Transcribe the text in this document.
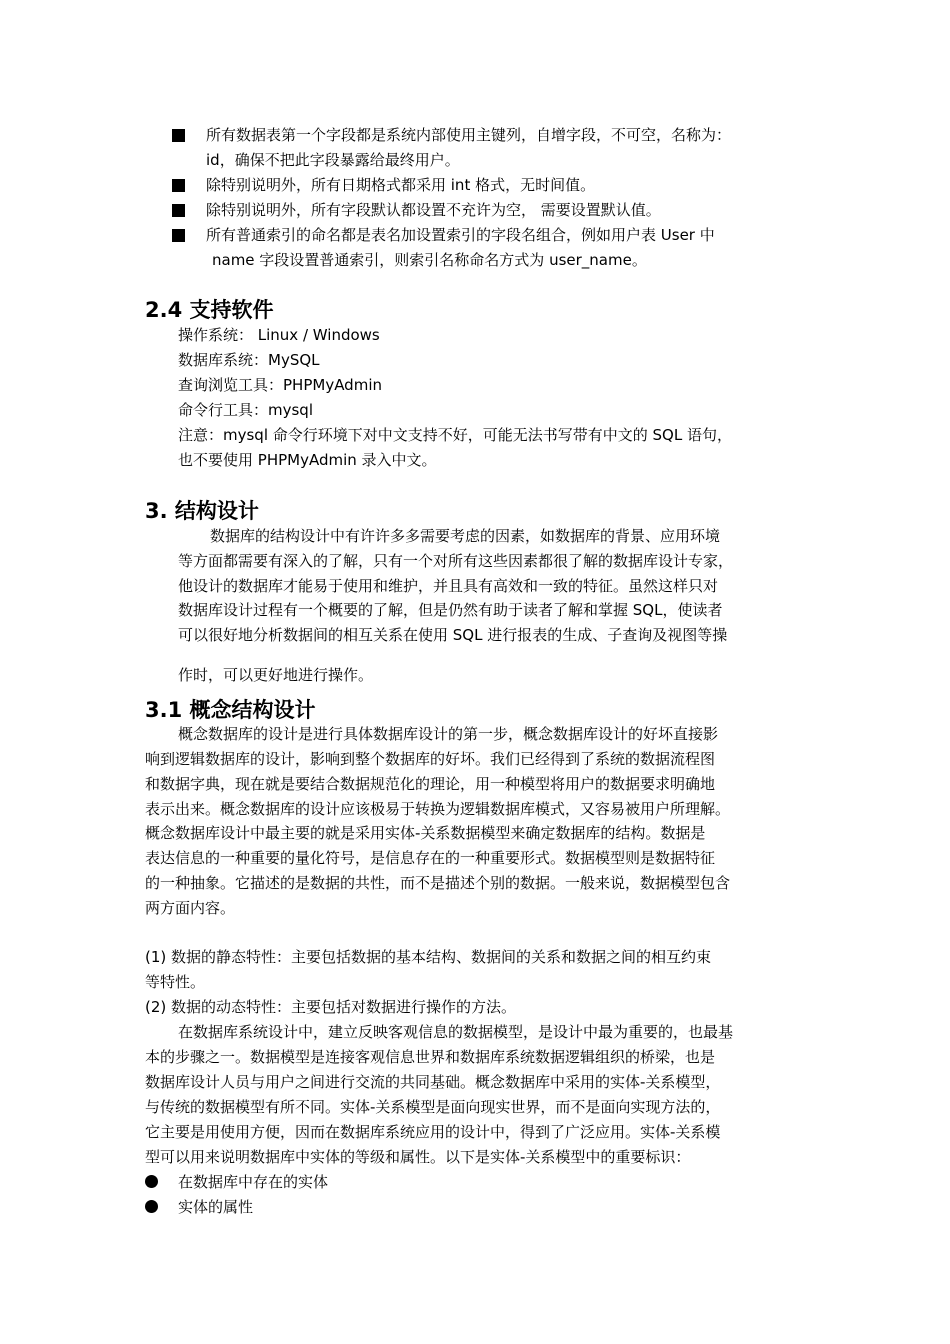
所有数据表第一个字段都是系统内部使用主键列，自增字段，不可空，名称为：
id，确保不把此字段暴露给最终用户。
除特别说明外，所有日期格式都采用 int 格式，无时间值。
除特别说明外，所有字段默认都设置不充许为空， 需要设置默认值。
所有普通索引的命名都是表名加设置索引的字段名组合，例如用户表 User 中
name 字段设置普通索引，则索引名称命名方式为 user_name。
2.4 支持软件
操作系统： Linux / Windows
数据库系统：MySQL
查询浏览工具：PHPMyAdmin
命令行工具：mysql
注意：mysql 命令行环境下对中文支持不好，可能无法书写带有中文的 SQL 语句，
也不要使用 PHPMyAdmin 录入中文。
3. 结构设计
数据库的结构设计中有许许多多需要考虑的因素，如数据库的背景、应用环境
等方面都需要有深入的了解，只有一个对所有这些因素都很了解的数据库设计专家，
他设计的数据库才能易于使用和维护，并且具有高效和一致的特征。虽然这样只对
数据库设计过程有一个概要的了解，但是仍然有助于读者了解和掌握 SQL，使读者
可以很好地分析数据间的相互关系在使用 SQL 进行报表的生成、子查询及视图等操
作时，可以更好地进行操作。
3.1 概念结构设计
概念数据库的设计是进行具体数据库设计的第一步，概念数据库设计的好坏直接影
响到逻辑数据库的设计，影响到整个数据库的好坏。我们已经得到了系统的数据流程图
和数据字典，现在就是要结合数据规范化的理论，用一种模型将用户的数据要求明确地
表示出来。概念数据库的设计应该极易于转换为逻辑数据库模式，又容易被用户所理解。
概念数据库设计中最主要的就是采用实体-关系数据模型来确定数据库的结构。数据是
表达信息的一种重要的量化符号，是信息存在的一种重要形式。数据模型则是数据特征
的一种抽象。它描述的是数据的共性，而不是描述个别的数据。一般来说，数据模型包含
两方面内容。
(1) 数据的静态特性：主要包括数据的基本结构、数据间的关系和数据之间的相互约束
等特性。
(2) 数据的动态特性：主要包括对数据进行操作的方法。
在数据库系统设计中，建立反映客观信息的数据模型，是设计中最为重要的，也最基
本的步骤之一。数据模型是连接客观信息世界和数据库系统数据逻辑组织的桥梁，也是
数据库设计人员与用户之间进行交流的共同基础。概念数据库中采用的实体-关系模型，
与传统的数据模型有所不同。实体-关系模型是面向现实世界，而不是面向实现方法的，
它主要是用使用方便，因而在数据库系统应用的设计中，得到了广泛应用。实体-关系模
型可以用来说明数据库中实体的等级和属性。以下是实体-关系模型中的重要标识：
在数据库中存在的实体
实体的属性
